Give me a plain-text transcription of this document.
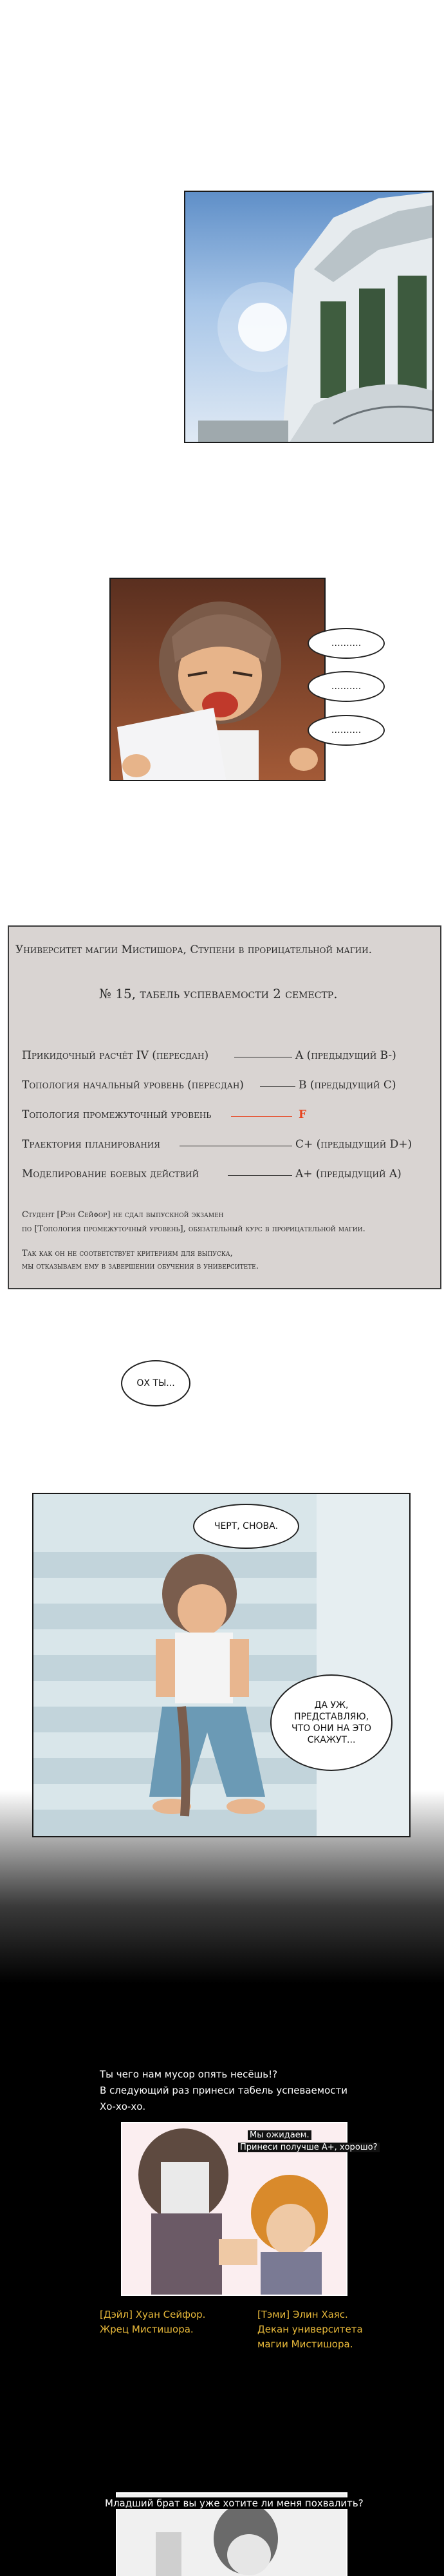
……….
……….
……….
Университет магии Мистишора, Ступени в прорицательной магии.
№ 15, табель успеваемости 2 семестр.
Прикидочный расчёт IV (пересдан)	A (предыдущий B-)
Топология начальный уровень (пересдан)	B (предыдущий C)
Топология промежуточный уровень	F
Траектория планирования	C+ (предыдущий D+)
Моделирование боевых действий	A+ (предыдущий A)
Студент [Рэн Сейфор] не сдал выпускной экзамен
по [Топология промежуточный уровень], обязательный курс в прорицательной магии.
Так как он не соответствует критериям для выпуска,
мы отказываем ему в завершении обучения в университете.
ОХ ТЫ...
ЧЕРТ, СНОВА.
ДА УЖ,
ПРЕДСТАВЛЯЮ,
ЧТО ОНИ НА ЭТО
СКАЖУТ...
Ты чего нам мусор опять несёшь!?
В следующий раз принеси табель успеваемости
Хо-хо-хо.
Мы ожидаем.
Принеси получше A+, хорошо?
[Дэйл] Хуан Сейфор.
Жрец Мистишора.
[Тэми] Элин Хаяс.
Декан университета
магии Мистишора.
Младший брат вы уже хотите ли меня похвалить?
